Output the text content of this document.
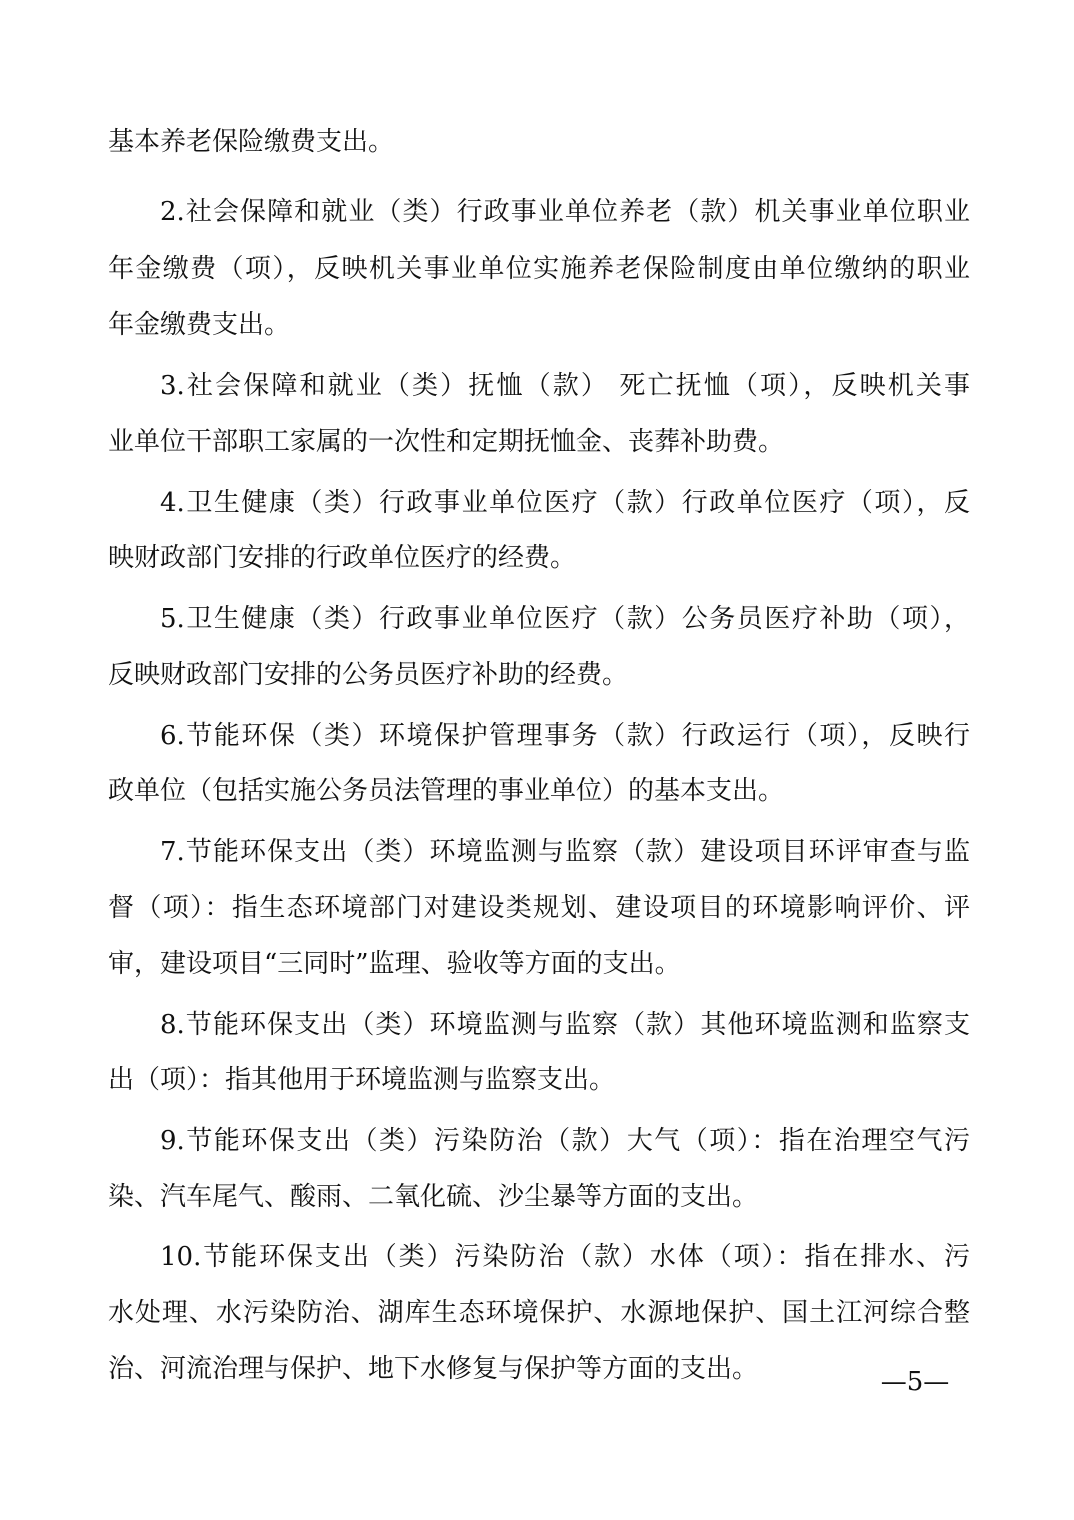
基本养老保险缴费支出。

2.社会保障和就业（类）行政事业单位养老（款）机关事业单位职业

年金缴费（项），反映机关事业单位实施养老保险制度由单位缴纳的职业

年金缴费支出。

3.社会保障和就业（类）抚恤（款） 死亡抚恤（项），反映机关事

业单位干部职工家属的一次性和定期抚恤金、丧葬补助费。

4.卫生健康（类）行政事业单位医疗（款）行政单位医疗（项），反

映财政部门安排的行政单位医疗的经费。

5.卫生健康（类）行政事业单位医疗（款）公务员医疗补助（项），

反映财政部门安排的公务员医疗补助的经费。

6.节能环保（类）环境保护管理事务（款）行政运行（项），反映行

政单位（包括实施公务员法管理的事业单位）的基本支出。

7.节能环保支出（类）环境监测与监察（款）建设项目环评审查与监

督（项）：指生态环境部门对建设类规划、建设项目的环境影响评价、评

审，建设项目“三同时”监理、验收等方面的支出。

8.节能环保支出（类）环境监测与监察（款）其他环境监测和监察支

出（项）：指其他用于环境监测与监察支出。

9.节能环保支出（类）污染防治（款）大气（项）：指在治理空气污

染、汽车尾气、酸雨、二氧化硫、沙尘暴等方面的支出。

10.节能环保支出（类）污染防治（款）水体（项）：指在排水、污

水处理、水污染防治、湖库生态环境保护、水源地保护、国土江河综合整

治、河流治理与保护、地下水修复与保护等方面的支出。	—5—
